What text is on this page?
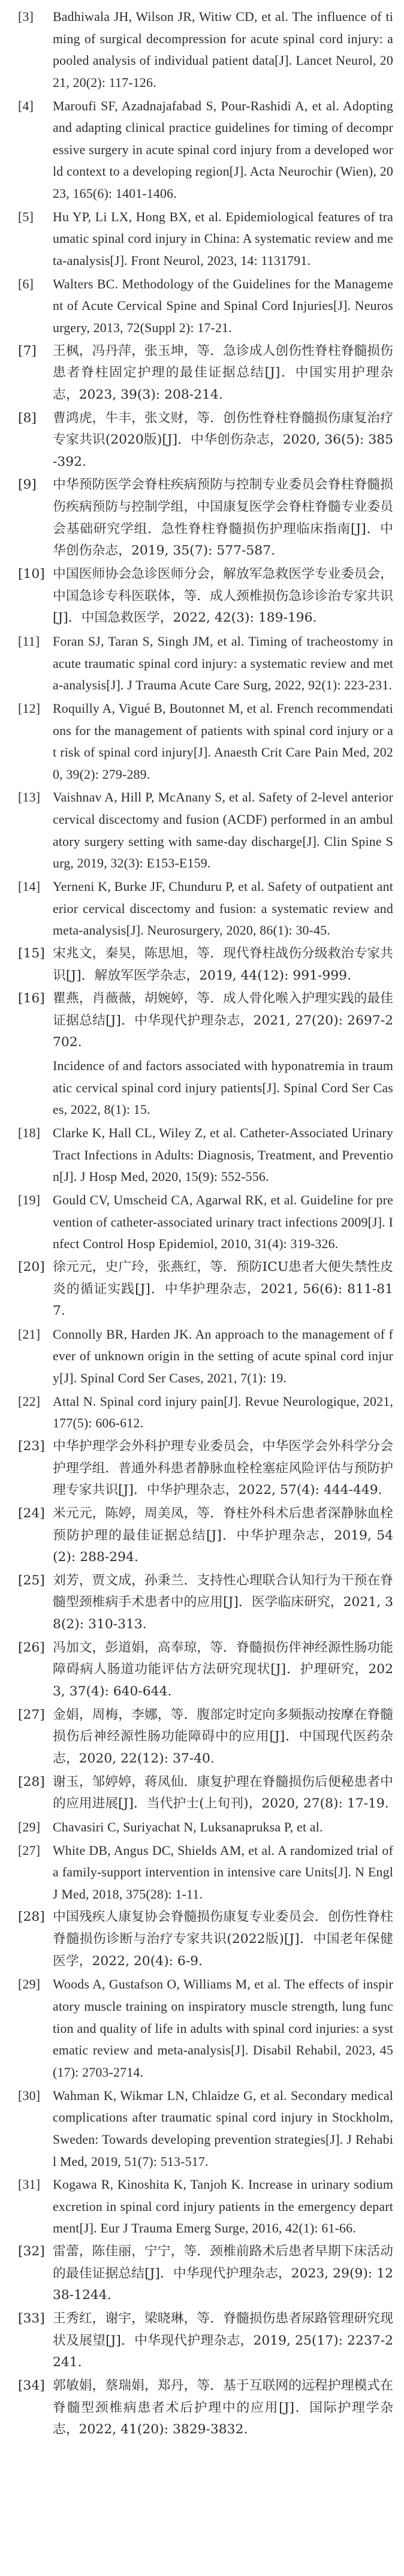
[3] Badhiwala JH, Wilson JR, Witiw CD, et al. The influence of timing of surgical decompression for acute spinal cord injury: a pooled analysis of individual patient data[J]. Lancet Neurol, 2021, 20(2): 117-126.
[4] Maroufi SF, Azadnajafabad S, Pour-Rashidi A, et al. Adopting and adapting clinical practice guidelines for timing of decompressive surgery in acute spinal cord injury from a developed world context to a developing region[J]. Acta Neurochir (Wien), 2023, 165(6): 1401-1406.
[5] Hu YP, Li LX, Hong BX, et al. Epidemiological features of traumatic spinal cord injury in China: A systematic review and meta-analysis[J]. Front Neurol, 2023, 14: 1131791.
[6] Walters BC. Methodology of the Guidelines for the Management of Acute Cervical Spine and Spinal Cord Injuries[J]. Neurosurgery, 2013, 72(Suppl 2): 17-21.
[7] 王枫，冯丹萍，张玉坤，等．急诊成人创伤性脊柱脊髓损伤患者脊柱固定护理的最佳证据总结[J]．中国实用护理杂志，2023, 39(3): 208-214.
[8] 曹鸿虎，牛丰，张文财，等．创伤性脊柱脊髓损伤康复治疗专家共识(2020版)[J]．中华创伤杂志，2020, 36(5): 385-392.
[9] 中华预防医学会脊柱疾病预防与控制专业委员会脊柱脊髓损伤疾病预防与控制学组，中国康复医学会脊柱脊髓专业委员会基础研究学组．急性脊柱脊髓损伤护理临床指南[J]．中华创伤杂志，2019, 35(7): 577-587.
[10] 中国医师协会急诊医师分会，解放军急救医学专业委员会，中国急诊专科医联体，等．成人颈椎损伤急诊诊治专家共识[J]．中国急救医学，2022, 42(3): 189-196.
[11] Foran SJ, Taran S, Singh JM, et al. Timing of tracheostomy in acute traumatic spinal cord injury: a systematic review and meta-analysis[J]. J Trauma Acute Care Surg, 2022, 92(1): 223-231.
[12] Roquilly A, Vigué B, Boutonnet M, et al. French recommendations for the management of patients with spinal cord injury or at risk of spinal cord injury[J]. Anaesth Crit Care Pain Med, 2020, 39(2): 279-289.
[13] Vaishnav A, Hill P, McAnany S, et al. Safety of 2-level anterior cervical discectomy and fusion (ACDF) performed in an ambulatory surgery setting with same-day discharge[J]. Clin Spine Surg, 2019, 32(3): E153-E159.
[14] Yerneni K, Burke JF, Chunduru P, et al. Safety of outpatient anterior cervical discectomy and fusion: a systematic review and meta-analysis[J]. Neurosurgery, 2020, 86(1): 30-45.
[15] 宋兆文，秦昊，陈思旭，等．现代脊柱战伤分级救治专家共识[J]．解放军医学杂志，2019, 44(12): 991-999.
[16] 瞿燕，肖薇薇，胡婉婷，等．成人骨化喉入护理实践的最佳证据总结[J]．中华现代护理杂志，2021, 27(20): 2697-2702.
Incidence of and factors associated with hyponatremia in traumatic cervical spinal cord injury patients[J]. Spinal Cord Ser Cases, 2022, 8(1): 15.
[18] Clarke K, Hall CL, Wiley Z, et al. Catheter-Associated Urinary Tract Infections in Adults: Diagnosis, Treatment, and Prevention[J]. J Hosp Med, 2020, 15(9): 552-556.
[19] Gould CV, Umscheid CA, Agarwal RK, et al. Guideline for prevention of catheter-associated urinary tract infections 2009[J]. Infect Control Hosp Epidemiol, 2010, 31(4): 319-326.
[20] 徐元元，史广玲，张燕红，等．预防ICU患者大便失禁性皮炎的循证实践[J]．中华护理杂志，2021, 56(6): 811-817.
[21] Connolly BR, Harden JK. An approach to the management of fever of unknown origin in the setting of acute spinal cord injury[J]. Spinal Cord Ser Cases, 2021, 7(1): 19.
[22] Attal N. Spinal cord injury pain[J]. Revue Neurologique, 2021, 177(5): 606-612.
[23] 中华护理学会外科护理专业委员会，中华医学会外科学分会护理学组．普通外科患者静脉血栓栓塞症风险评估与预防护理专家共识[J]．中华护理杂志，2022, 57(4): 444-449.
[24] 米元元，陈婷，周美凤，等．脊柱外科术后患者深静脉血栓预防护理的最佳证据总结[J]．中华护理杂志，2019, 54(2): 288-294.
[25] 刘芳，贾文成，孙秉兰．支持性心理联合认知行为干预在脊髓型颈椎病手术患者中的应用[J]．医学临床研究，2021, 38(2): 310-313.
[26] 冯加文，彭道娟，高奉琼，等．脊髓损伤伴神经源性肠功能障碍病人肠道功能评估方法研究现状[J]．护理研究，2023, 37(4): 640-644.
[27] 金娟，周梅，李娜，等．腹部定时定向多频振动按摩在脊髓损伤后神经源性肠功能障碍中的应用[J]．中国现代医药杂志，2020, 22(12): 37-40.
[28] 谢玉，邹婷婷，蒋凤仙．康复护理在脊髓损伤后便秘患者中的应用进展[J]．当代护士(上旬刊)，2020, 27(8): 17-19.
[29] Chavasiri C, Suriyachat N, Luksanapruksa P, et al.
[27] White DB, Angus DC, Shields AM, et al. A randomized trial of a family-support intervention in intensive care Units[J]. N Engl J Med, 2018, 375(28): 1-11.
[28] 中国残疾人康复协会脊髓损伤康复专业委员会．创伤性脊柱脊髓损伤诊断与治疗专家共识(2022版)[J]．中国老年保健医学，2022, 20(4): 6-9.
[29] Woods A, Gustafson O, Williams M, et al. The effects of inspiratory muscle training on inspiratory muscle strength, lung function and quality of life in adults with spinal cord injuries: a systematic review and meta-analysis[J]. Disabil Rehabil, 2023, 45(17): 2703-2714.
[30] Wahman K, Wikmar LN, Chlaidze G, et al. Secondary medical complications after traumatic spinal cord injury in Stockholm, Sweden: Towards developing prevention strategies[J]. J Rehabil Med, 2019, 51(7): 513-517.
[31] Kogawa R, Kinoshita K, Tanjoh K. Increase in urinary sodium excretion in spinal cord injury patients in the emergency department[J]. Eur J Trauma Emerg Surge, 2016, 42(1): 61-66.
[32] 雷蕾，陈佳丽，宁宁，等．颈椎前路术后患者早期下床活动的最佳证据总结[J]．中华现代护理杂志，2023, 29(9): 1238-1244.
[33] 王秀红，谢宇，梁晓琳，等．脊髓损伤患者尿路管理研究现状及展望[J]．中华现代护理杂志，2019, 25(17): 2237-2241.
[34] 郭敏娟，蔡瑞娟，郑丹，等．基于互联网的远程护理模式在脊髓型颈椎病患者术后护理中的应用[J]．国际护理学杂志，2022, 41(20): 3829-3832.
